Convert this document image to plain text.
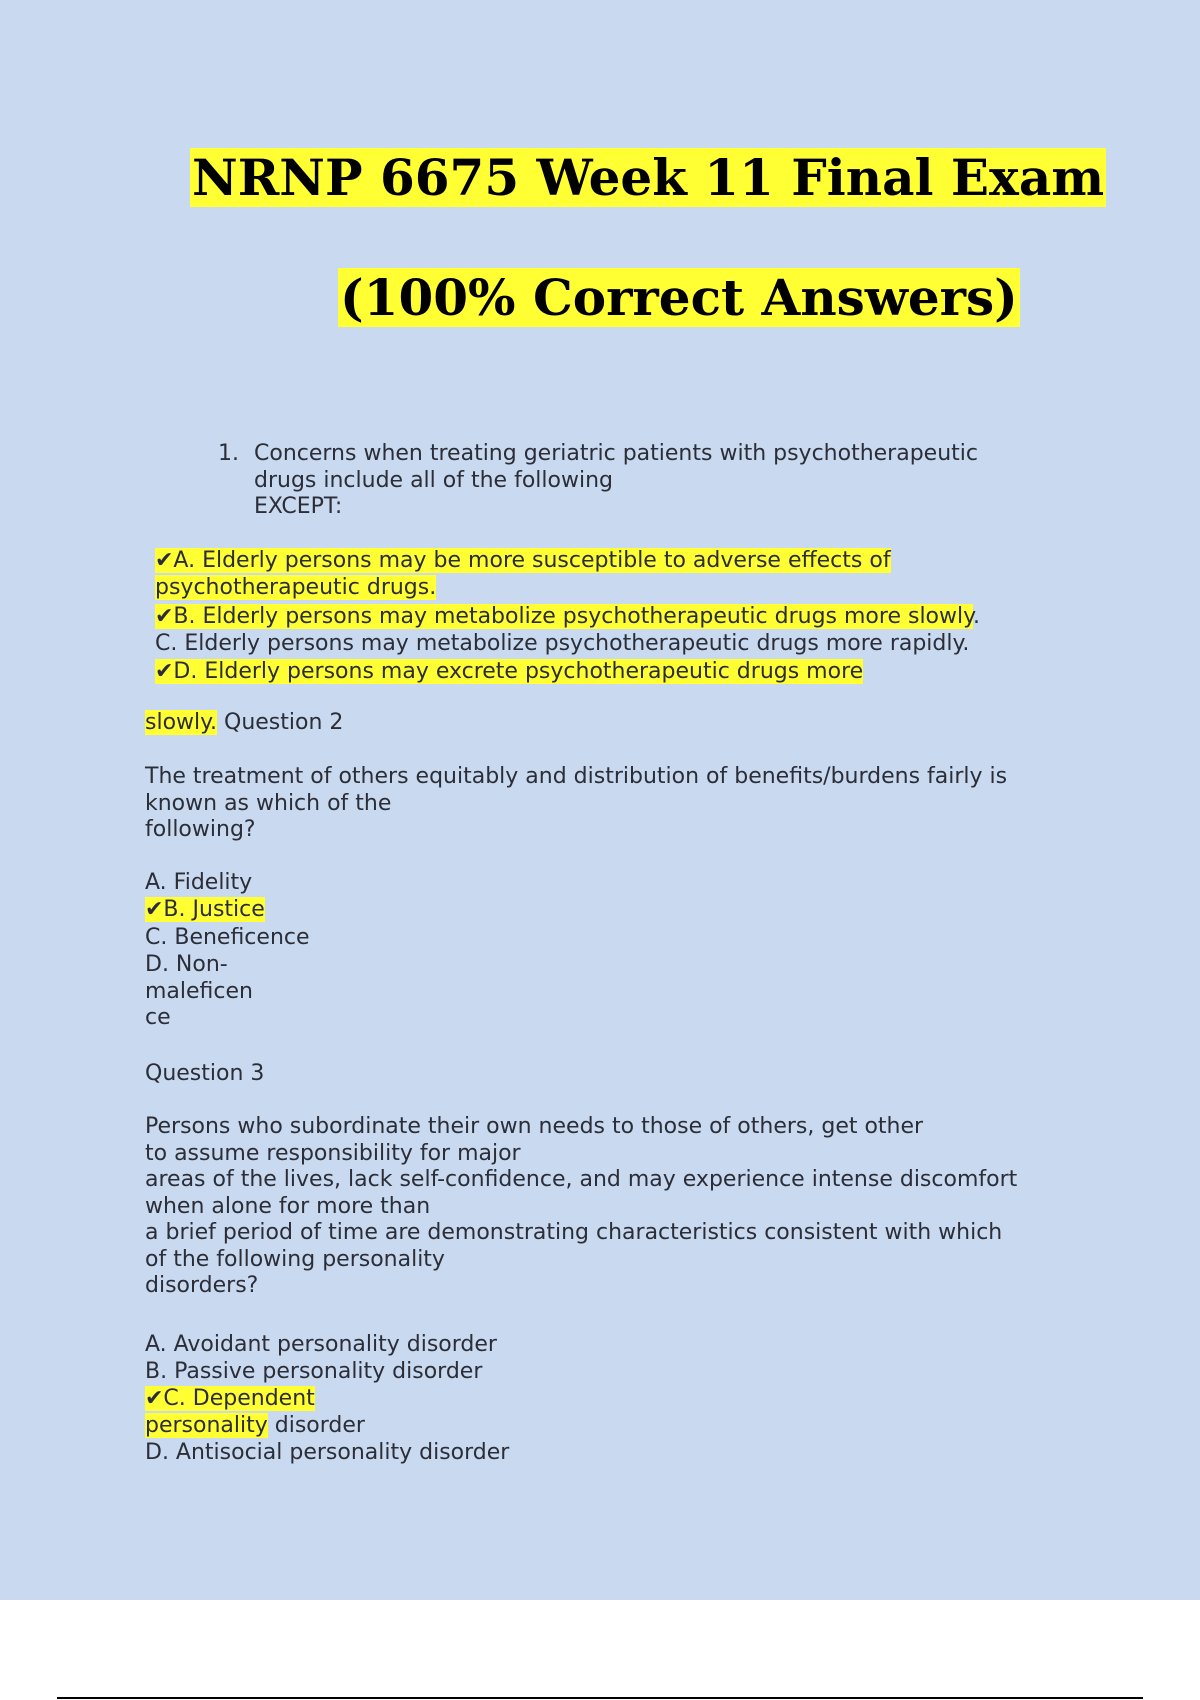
NRNP 6675 Week 11 Final Exam
(100% Correct Answers)

1. Concerns when treating geriatric patients with psychotherapeutic
drugs include all of the following
EXCEPT:

✔A. Elderly persons may be more susceptible to adverse effects of
psychotherapeutic drugs.
✔B. Elderly persons may metabolize psychotherapeutic drugs more slowly.
C. Elderly persons may metabolize psychotherapeutic drugs more rapidly.
✔D. Elderly persons may excrete psychotherapeutic drugs more
slowly. Question 2
The treatment of others equitably and distribution of benefits/burdens fairly is
known as which of the
following?
A. Fidelity
✔B. Justice
C. Beneficence
D. Non-
maleficen
ce
Question 3
Persons who subordinate their own needs to those of others, get other
to assume responsibility for major
areas of the lives, lack self-confidence, and may experience intense discomfort
when alone for more than
a brief period of time are demonstrating characteristics consistent with which
of the following personality
disorders?
A. Avoidant personality disorder
B. Passive personality disorder
✔C. Dependent
personality disorder
D. Antisocial personality disorder
